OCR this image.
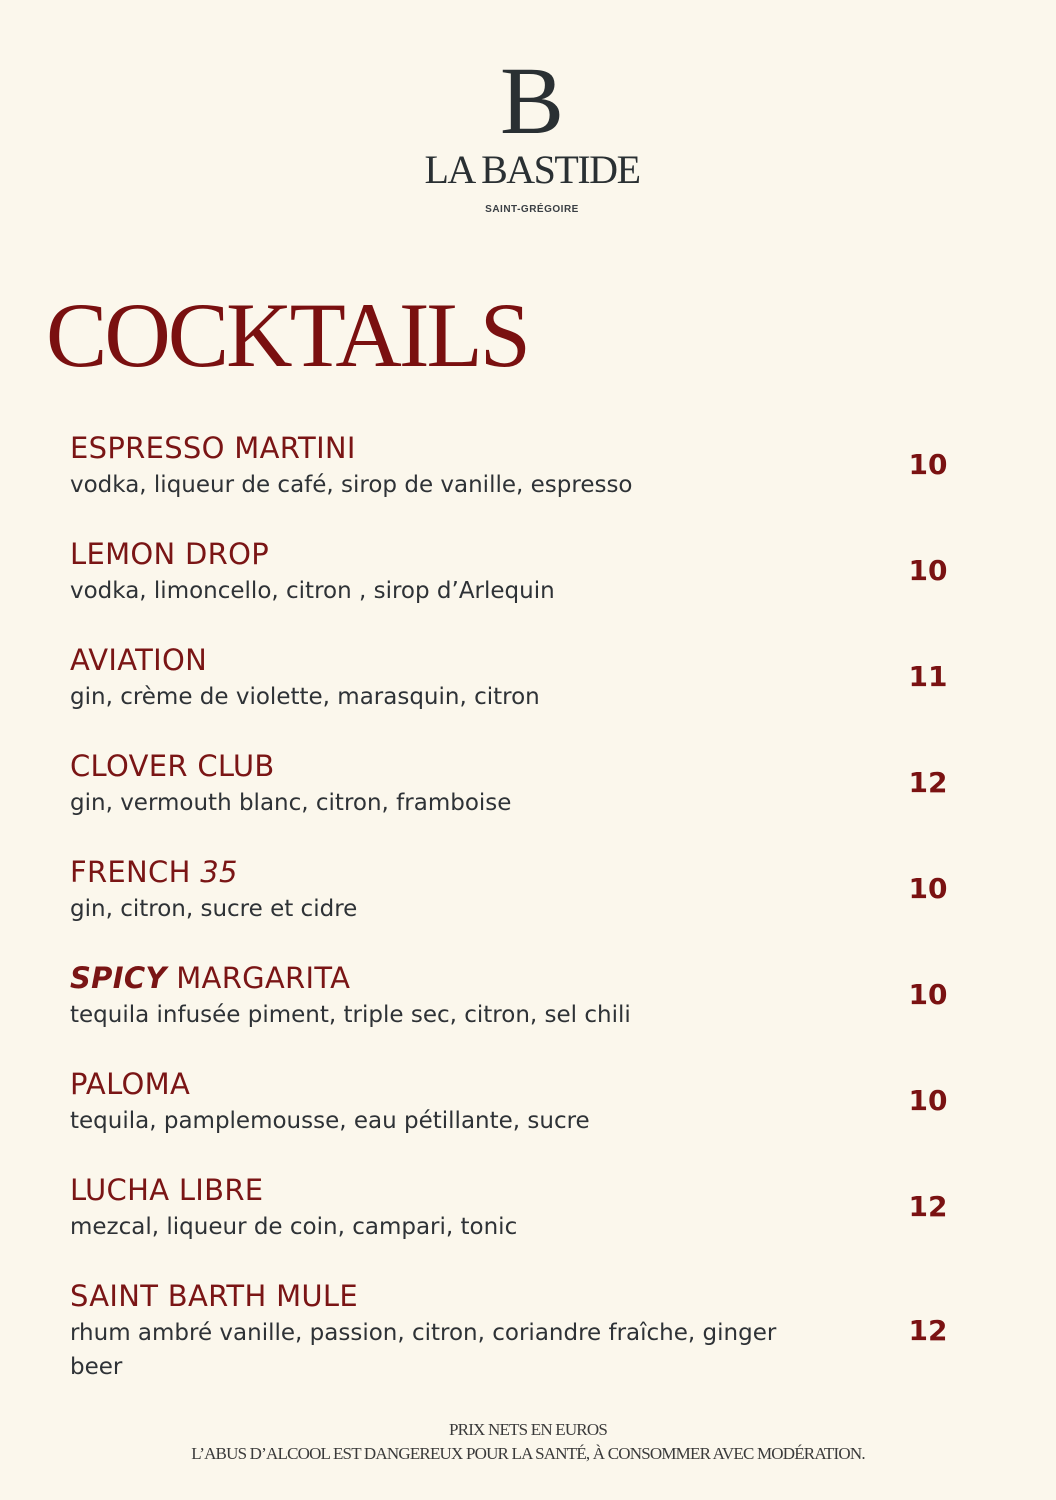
B
LA BASTIDE
SAINT-GRÉGOIRE
COCKTAILS
ESPRESSO MARTINI
vodka, liqueur de café, sirop de vanille, espresso
10
LEMON DROP
vodka, limoncello, citron , sirop d’Arlequin
10
AVIATION
gin, crème de violette, marasquin, citron
11
CLOVER CLUB
gin, vermouth blanc, citron, framboise
12
FRENCH 35
gin, citron, sucre et cidre
10
SPICY MARGARITA
tequila infusée piment, triple sec, citron, sel chili
10
PALOMA
tequila, pamplemousse, eau pétillante, sucre
10
LUCHA LIBRE
mezcal, liqueur de coin, campari, tonic
12
SAINT BARTH MULE
rhum ambré vanille, passion, citron, coriandre fraîche, ginger beer
12
PRIX NETS EN EUROS
L’ABUS D’ALCOOL EST DANGEREUX POUR LA SANTÉ, À CONSOMMER AVEC MODÉRATION.
